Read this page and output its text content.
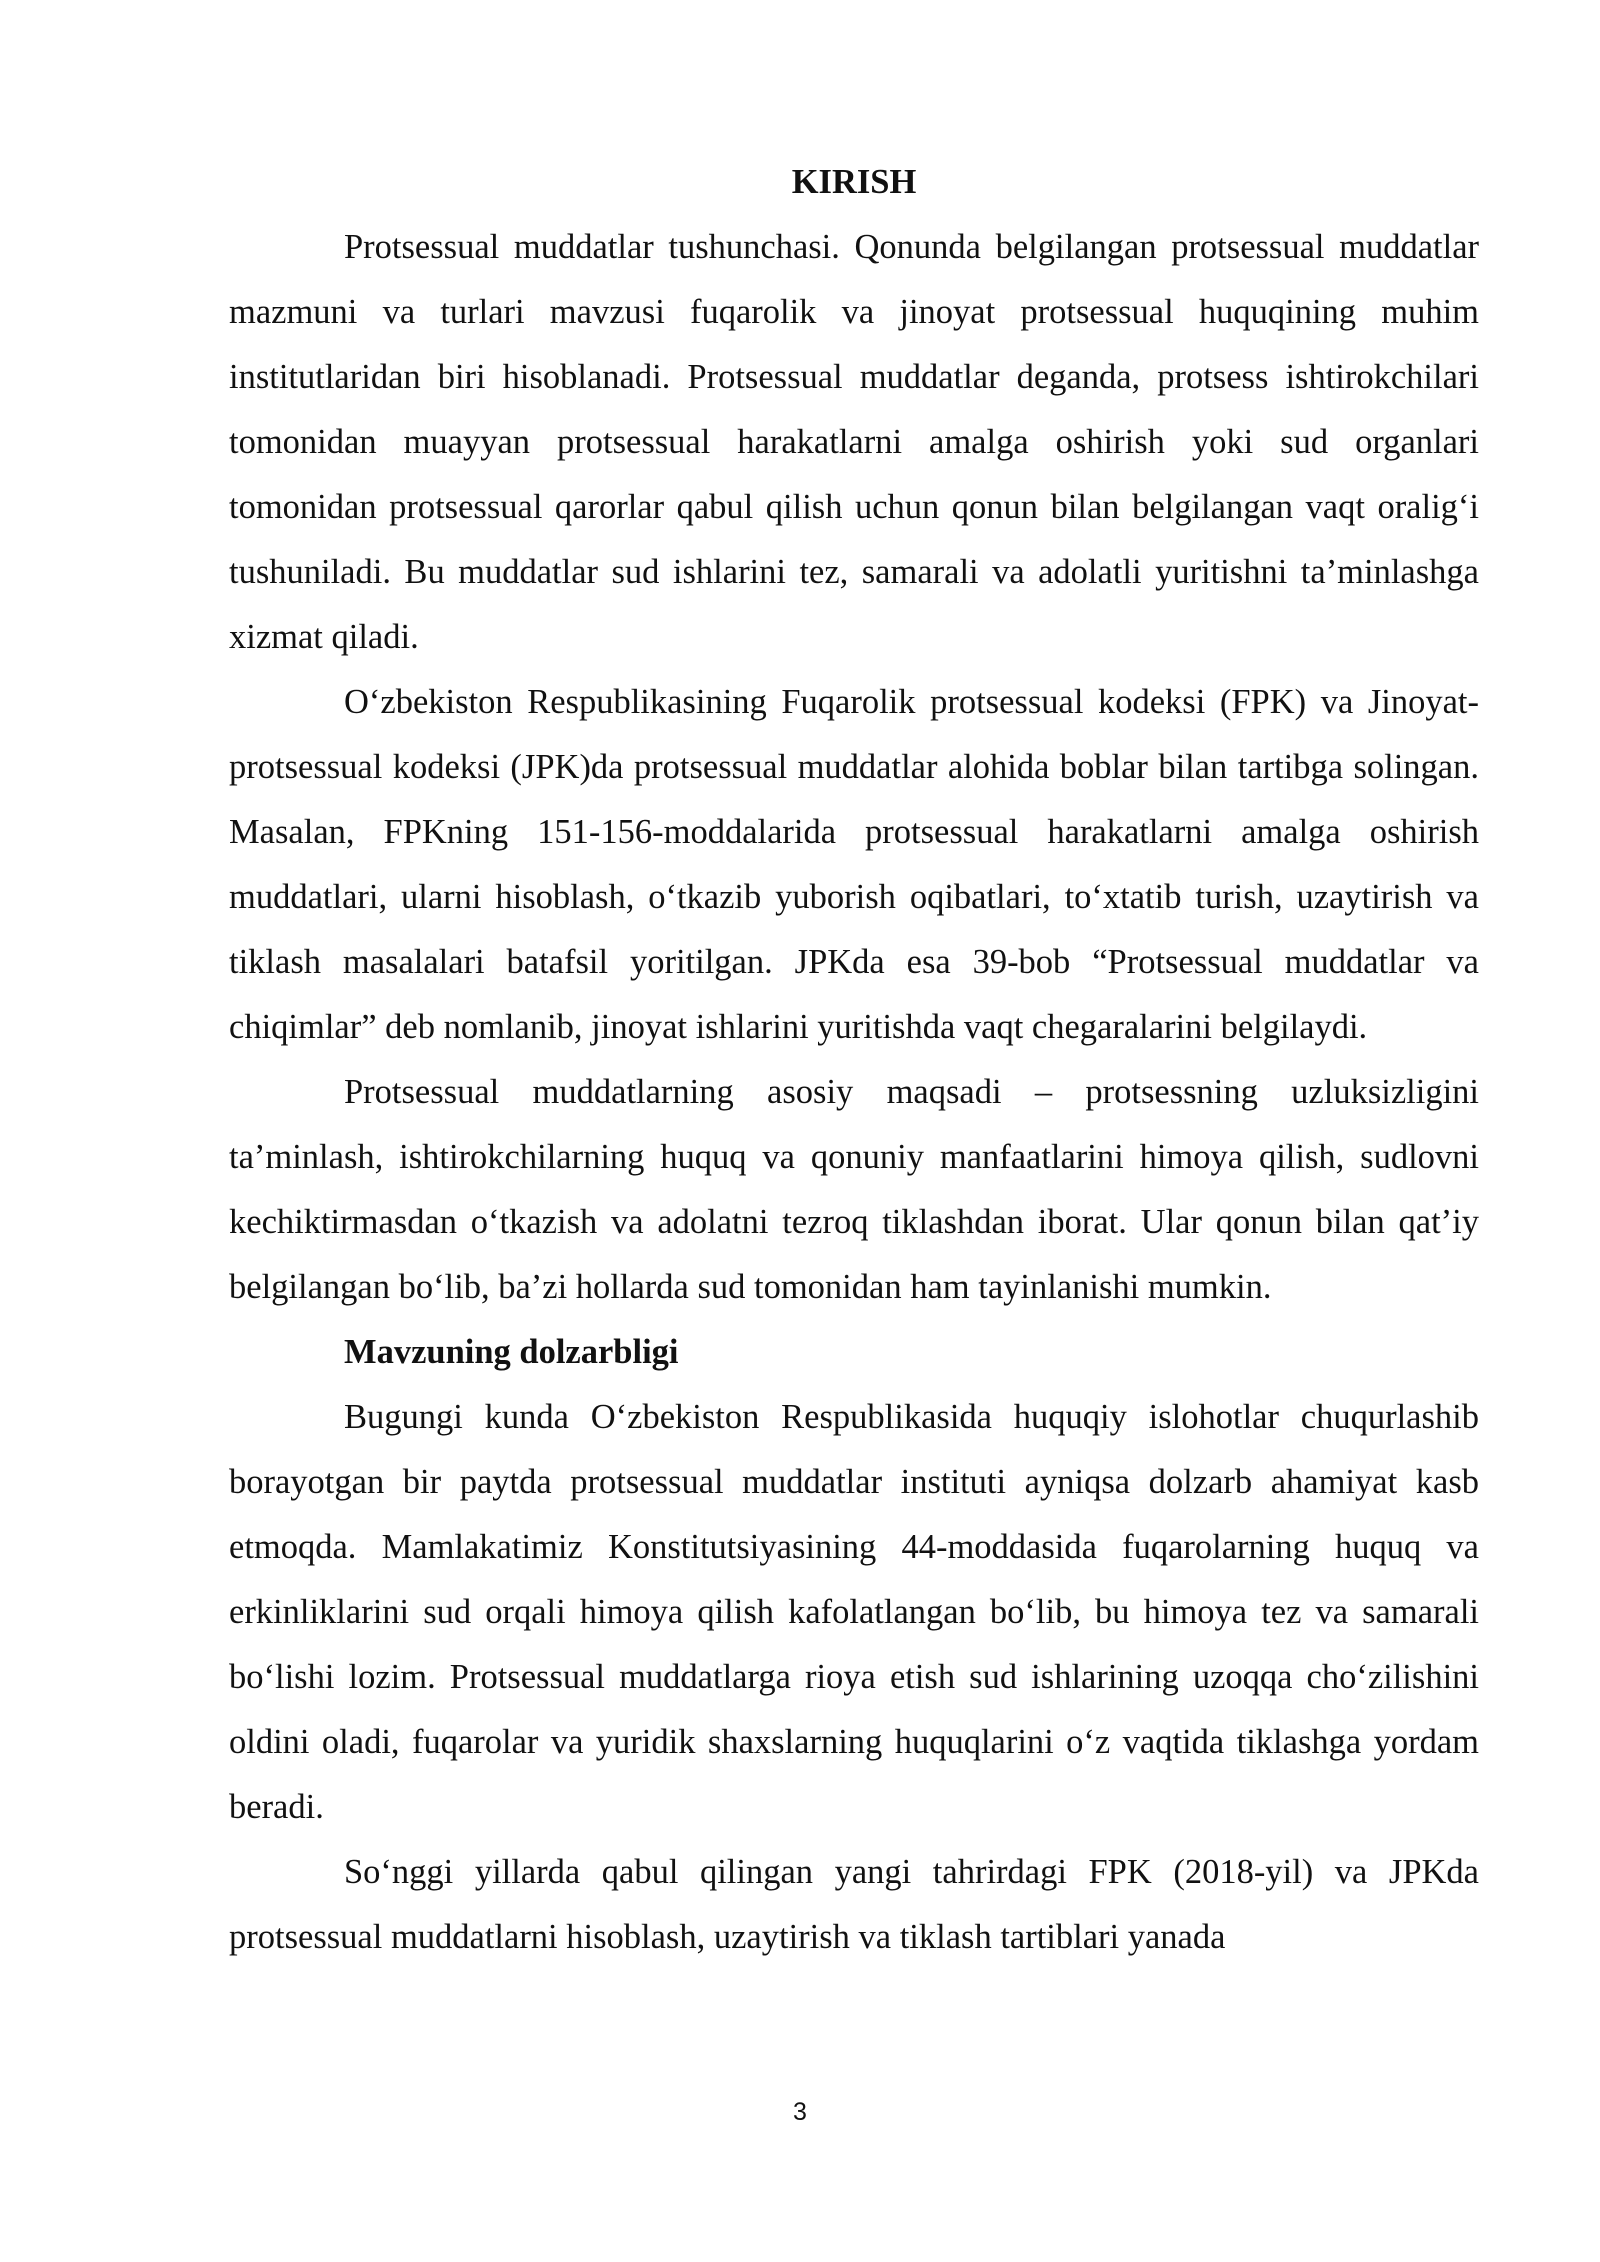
KIRISH

Protsessual muddatlar tushunchasi. Qonunda belgilangan protsessual muddatlar mazmuni va turlari mavzusi fuqarolik va jinoyat protsessual huquqining muhim institutlaridan biri hisoblanadi. Protsessual muddatlar deganda, protsess ishtirokchilari tomonidan muayyan protsessual harakatlarni amalga oshirish yoki sud organlari tomonidan protsessual qarorlar qabul qilish uchun qonun bilan belgilangan vaqt oralig‘i tushuniladi. Bu muddatlar sud ishlarini tez, samarali va adolatli yuritishni ta’minlashga xizmat qiladi.

O‘zbekiston Respublikasining Fuqarolik protsessual kodeksi (FPK) va Jinoyat-protsessual kodeksi (JPK)da protsessual muddatlar alohida boblar bilan tartibga solingan. Masalan, FPKning 151-156-moddalarida protsessual harakatlarni amalga oshirish muddatlari, ularni hisoblash, o‘tkazib yuborish oqibatlari, to‘xtatib turish, uzaytirish va tiklash masalalari batafsil yoritilgan. JPKda esa 39-bob “Protsessual muddatlar va chiqimlar” deb nomlanib, jinoyat ishlarini yuritishda vaqt chegaralarini belgilaydi.

Protsessual muddatlarning asosiy maqsadi – protsessning uzluksizligini ta’minlash, ishtirokchilarning huquq va qonuniy manfaatlarini himoya qilish, sudlovni kechiktirmasdan o‘tkazish va adolatni tezroq tiklashdan iborat. Ular qonun bilan qat’iy belgilangan bo‘lib, ba’zi hollarda sud tomonidan ham tayinlanishi mumkin.

Mavzuning dolzarbligi

Bugungi kunda O‘zbekiston Respublikasida huquqiy islohotlar chuqurlashib borayotgan bir paytda protsessual muddatlar instituti ayniqsa dolzarb ahamiyat kasb etmoqda. Mamlakatimiz Konstitutsiyasining 44-moddasida fuqarolarning huquq va erkinliklarini sud orqali himoya qilish kafolatlangan bo‘lib, bu himoya tez va samarali bo‘lishi lozim. Protsessual muddatlarga rioya etish sud ishlarining uzoqqa cho‘zilishini oldini oladi, fuqarolar va yuridik shaxslarning huquqlarini o‘z vaqtida tiklashga yordam beradi.

So‘nggi yillarda qabul qilingan yangi tahrirdagi FPK (2018-yil) va JPKda protsessual muddatlarni hisoblash, uzaytirish va tiklash tartiblari yanada

3
